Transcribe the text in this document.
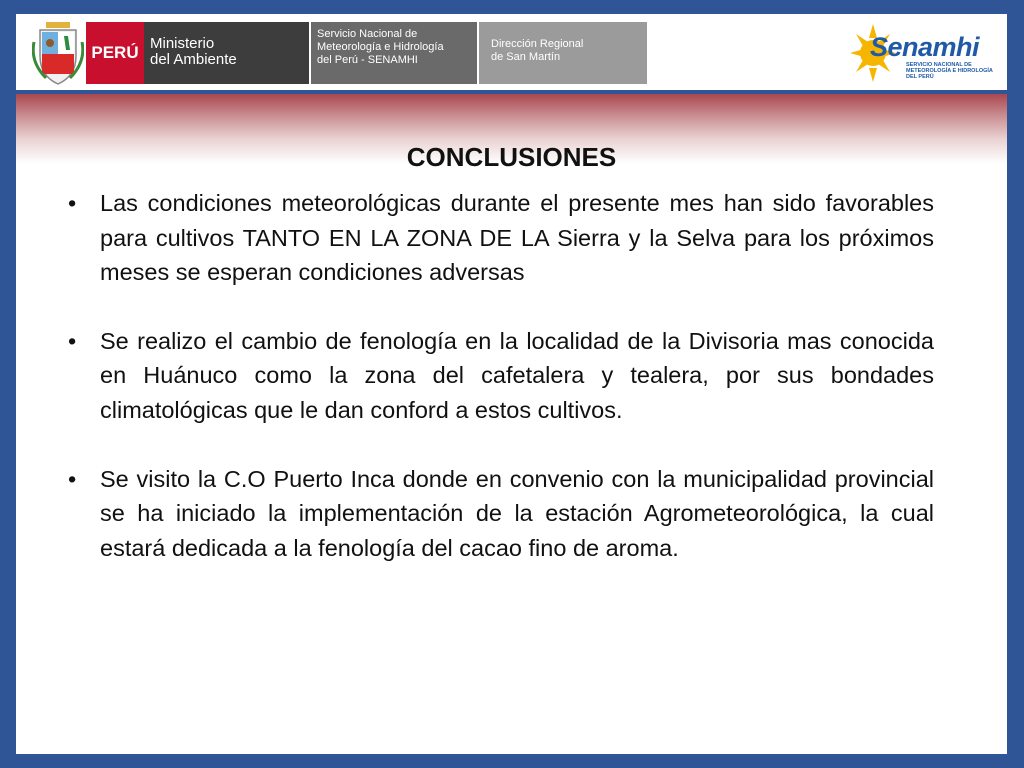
PERÚ Ministerio
del Ambiente
Servicio Nacional de
Meteorología e Hidrología
del Perú - SENAMHI
Dirección Regional
de San Martín	Senamhi
SERVICIO NACIONAL DE METEOROLOGÍA E HIDROLOGÍA DEL PERÚ
CONCLUSIONES
• Las condiciones meteorológicas durante el presente mes han sido favorables para cultivos TANTO EN LA ZONA DE LA Sierra y la Selva para los próximos meses se esperan condiciones adversas
• Se realizo el cambio de fenología en la localidad de la Divisoria mas conocida en Huánuco como la zona del cafetalera y tealera, por sus bondades climatológicas que le dan conford a estos cultivos.
• Se visito la C.O Puerto Inca donde en convenio con la municipalidad provincial se ha iniciado la implementación de la estación Agrometeorológica, la cual estará dedicada a la fenología del cacao fino de aroma.
